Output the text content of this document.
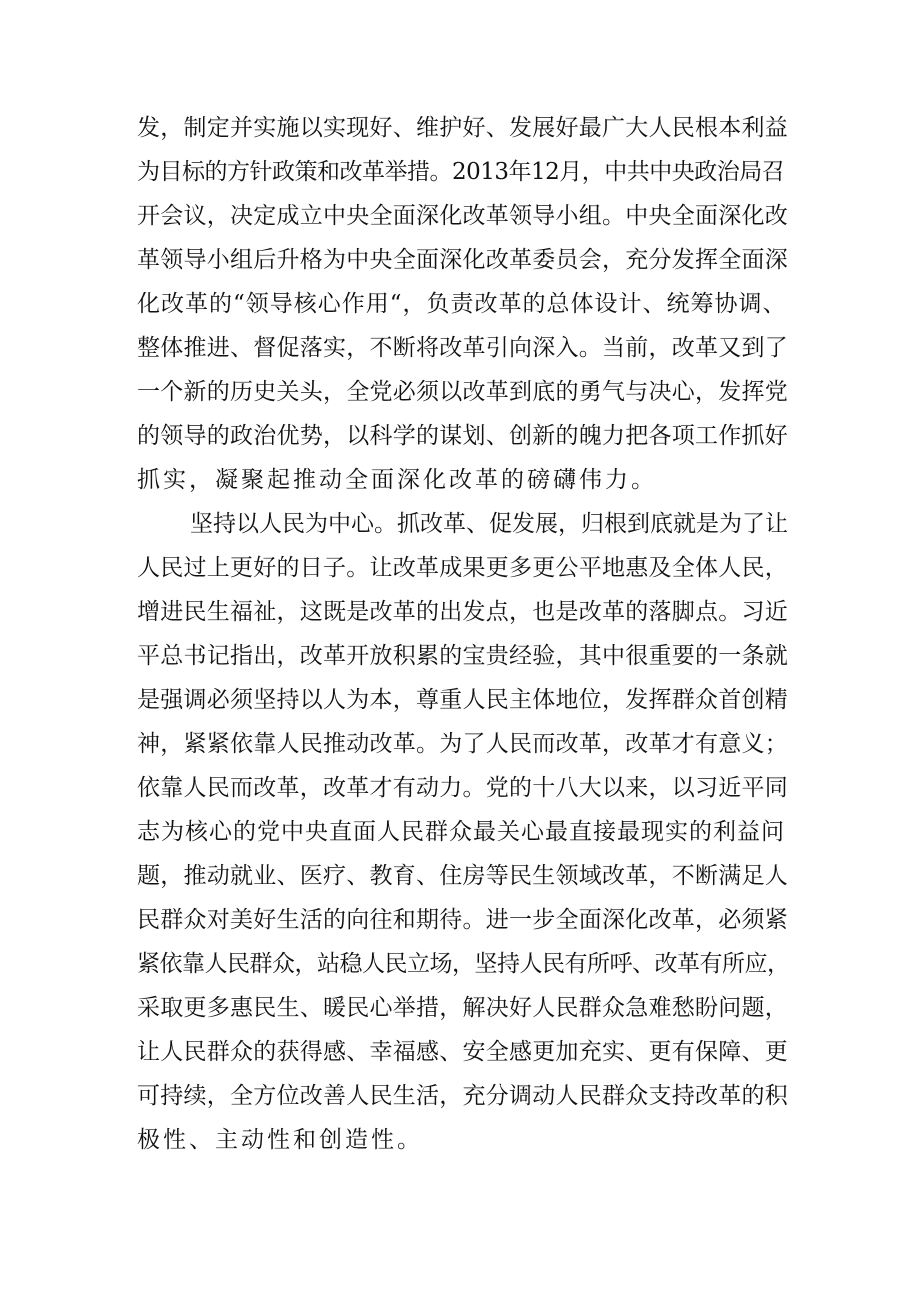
发，制定并实施以实现好、维护好、发展好最广大人民根本利益
为目标的方针政策和改革举措。2013年12月，中共中央政治局召
开会议，决定成立中央全面深化改革领导小组。中央全面深化改
革领导小组后升格为中央全面深化改革委员会，充分发挥全面深
化改革的“领导核心作用“，负责改革的总体设计、统筹协调、
整体推进、督促落实，不断将改革引向深入。当前，改革又到了
一个新的历史关头，全党必须以改革到底的勇气与决心，发挥党
的领导的政治优势，以科学的谋划、创新的魄力把各项工作抓好
抓实，凝聚起推动全面深化改革的磅礴伟力。
坚持以人民为中心。抓改革、促发展，归根到底就是为了让
人民过上更好的日子。让改革成果更多更公平地惠及全体人民，
增进民生福祉，这既是改革的出发点，也是改革的落脚点。习近
平总书记指出，改革开放积累的宝贵经验，其中很重要的一条就
是强调必须坚持以人为本，尊重人民主体地位，发挥群众首创精
神，紧紧依靠人民推动改革。为了人民而改革，改革才有意义；
依靠人民而改革，改革才有动力。党的十八大以来，以习近平同
志为核心的党中央直面人民群众最关心最直接最现实的利益问
题，推动就业、医疗、教育、住房等民生领域改革，不断满足人
民群众对美好生活的向往和期待。进一步全面深化改革，必须紧
紧依靠人民群众，站稳人民立场，坚持人民有所呼、改革有所应，
采取更多惠民生、暖民心举措，解决好人民群众急难愁盼问题，
让人民群众的获得感、幸福感、安全感更加充实、更有保障、更
可持续，全方位改善人民生活，充分调动人民群众支持改革的积
极性、主动性和创造性。
